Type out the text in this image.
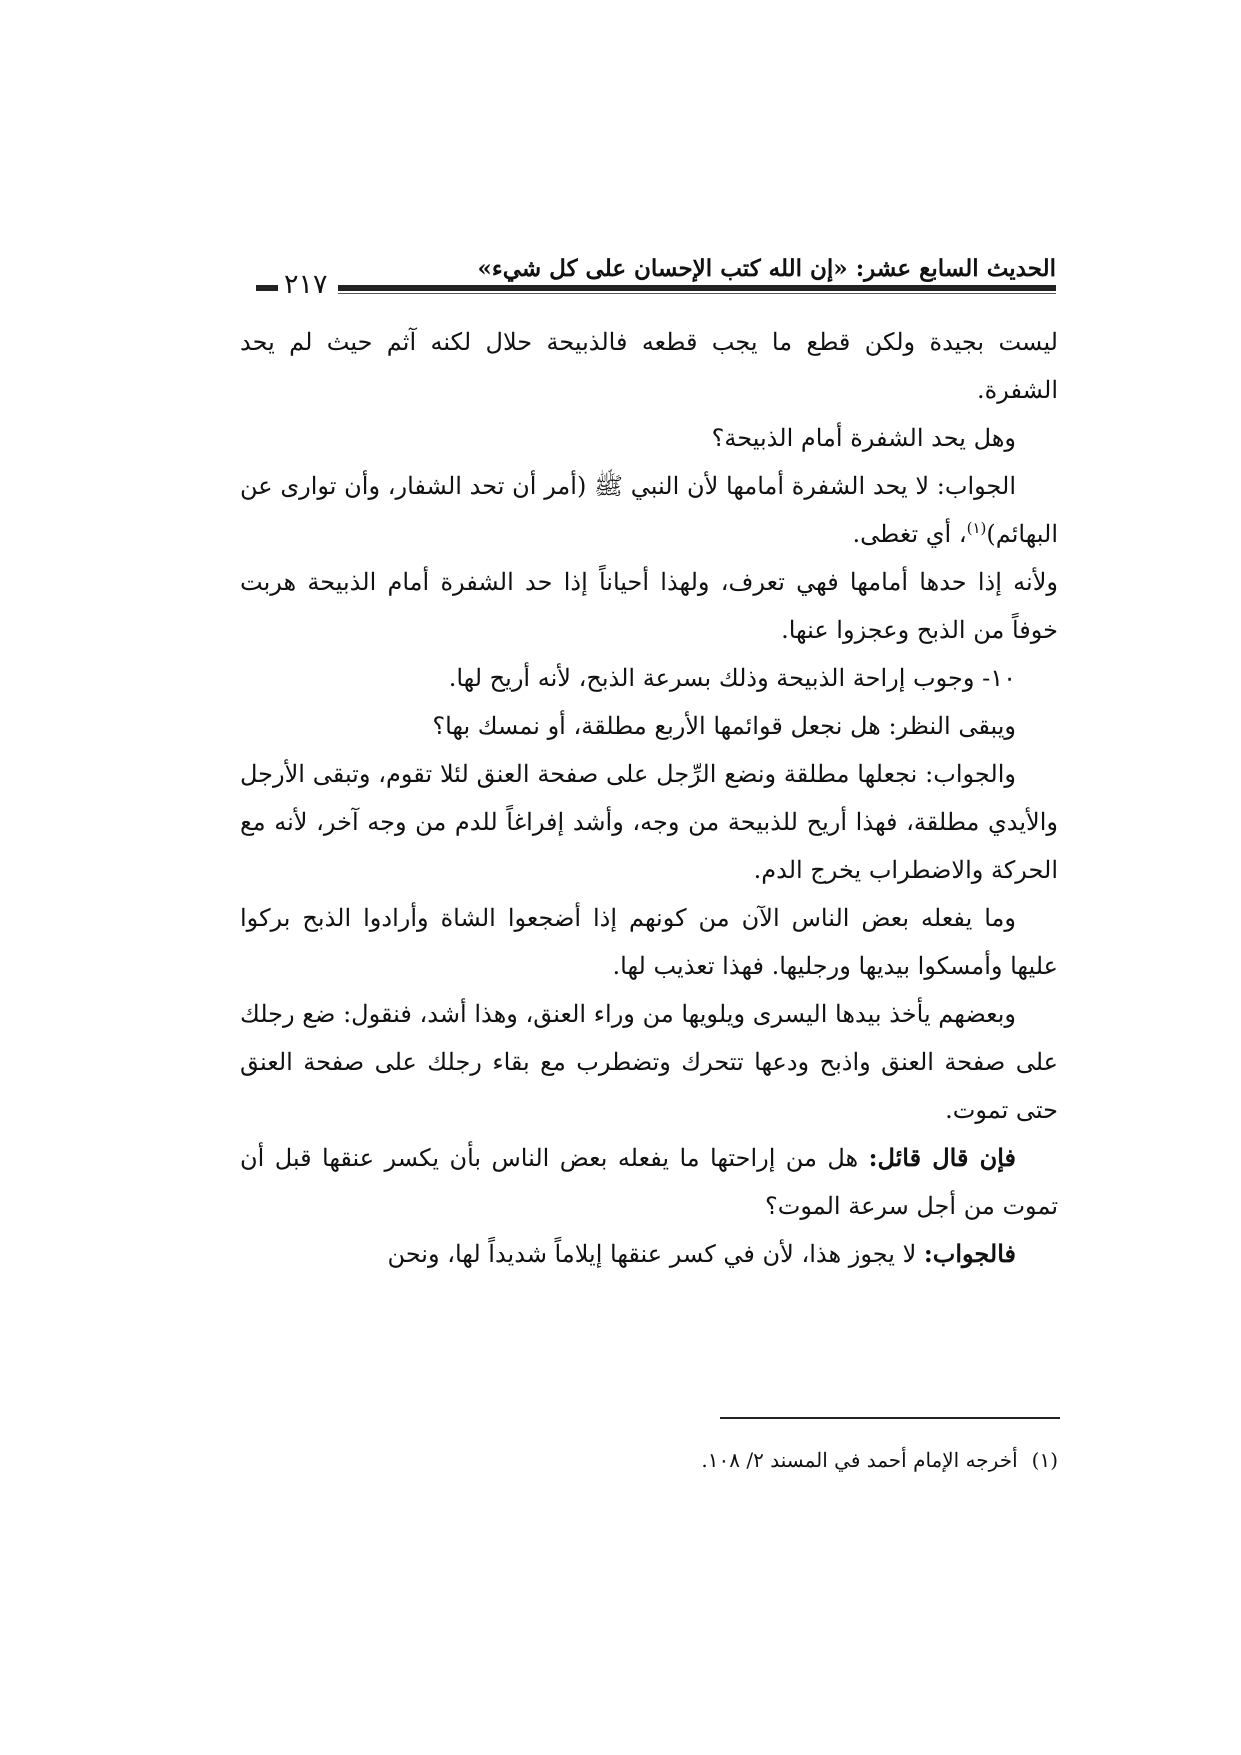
الحديث السابع عشر: «إن الله كتب الإحسان على كل شيء»
٢١٧

ليست بجيدة ولكن قطع ما يجب قطعه فالذبيحة حلال لكنه آثم حيث لم يحد الشفرة.

وهل يحد الشفرة أمام الذبيحة؟

الجواب: لا يحد الشفرة أمامها لأن النبي ﷺ (أمر أن تحد الشفار، وأن توارى عن البهائم)$^{(١)}$، أي تغطى.

ولأنه إذا حدها أمامها فهي تعرف، ولهذا أحياناً إذا حد الشفرة أمام الذبيحة هربت خوفاً من الذبح وعجزوا عنها.

١٠- وجوب إراحة الذبيحة وذلك بسرعة الذبح، لأنه أريح لها.

ويبقى النظر: هل نجعل قوائمها الأربع مطلقة، أو نمسك بها؟

والجواب: نجعلها مطلقة ونضع الرِّجل على صفحة العنق لئلا تقوم، وتبقى الأرجل والأيدي مطلقة، فهذا أريح للذبيحة من وجه، وأشد إفراغاً للدم من وجه آخر، لأنه مع الحركة والاضطراب يخرج الدم.

وما يفعله بعض الناس الآن من كونهم إذا أضجعوا الشاة وأرادوا الذبح بركوا عليها وأمسكوا بيديها ورجليها. فهذا تعذيب لها.

وبعضهم يأخذ بيدها اليسرى ويلويها من وراء العنق، وهذا أشد، فنقول: ضع رجلك على صفحة العنق واذبح ودعها تتحرك وتضطرب مع بقاء رجلك على صفحة العنق حتى تموت.

فإن قال قائل: هل من إراحتها ما يفعله بعض الناس بأن يكسر عنقها قبل أن تموت من أجل سرعة الموت؟

فالجواب: لا يجوز هذا، لأن في كسر عنقها إيلاماً شديداً لها، ونحن

(١)أخرجه الإمام أحمد في المسند ٢/ ١٠٨.
